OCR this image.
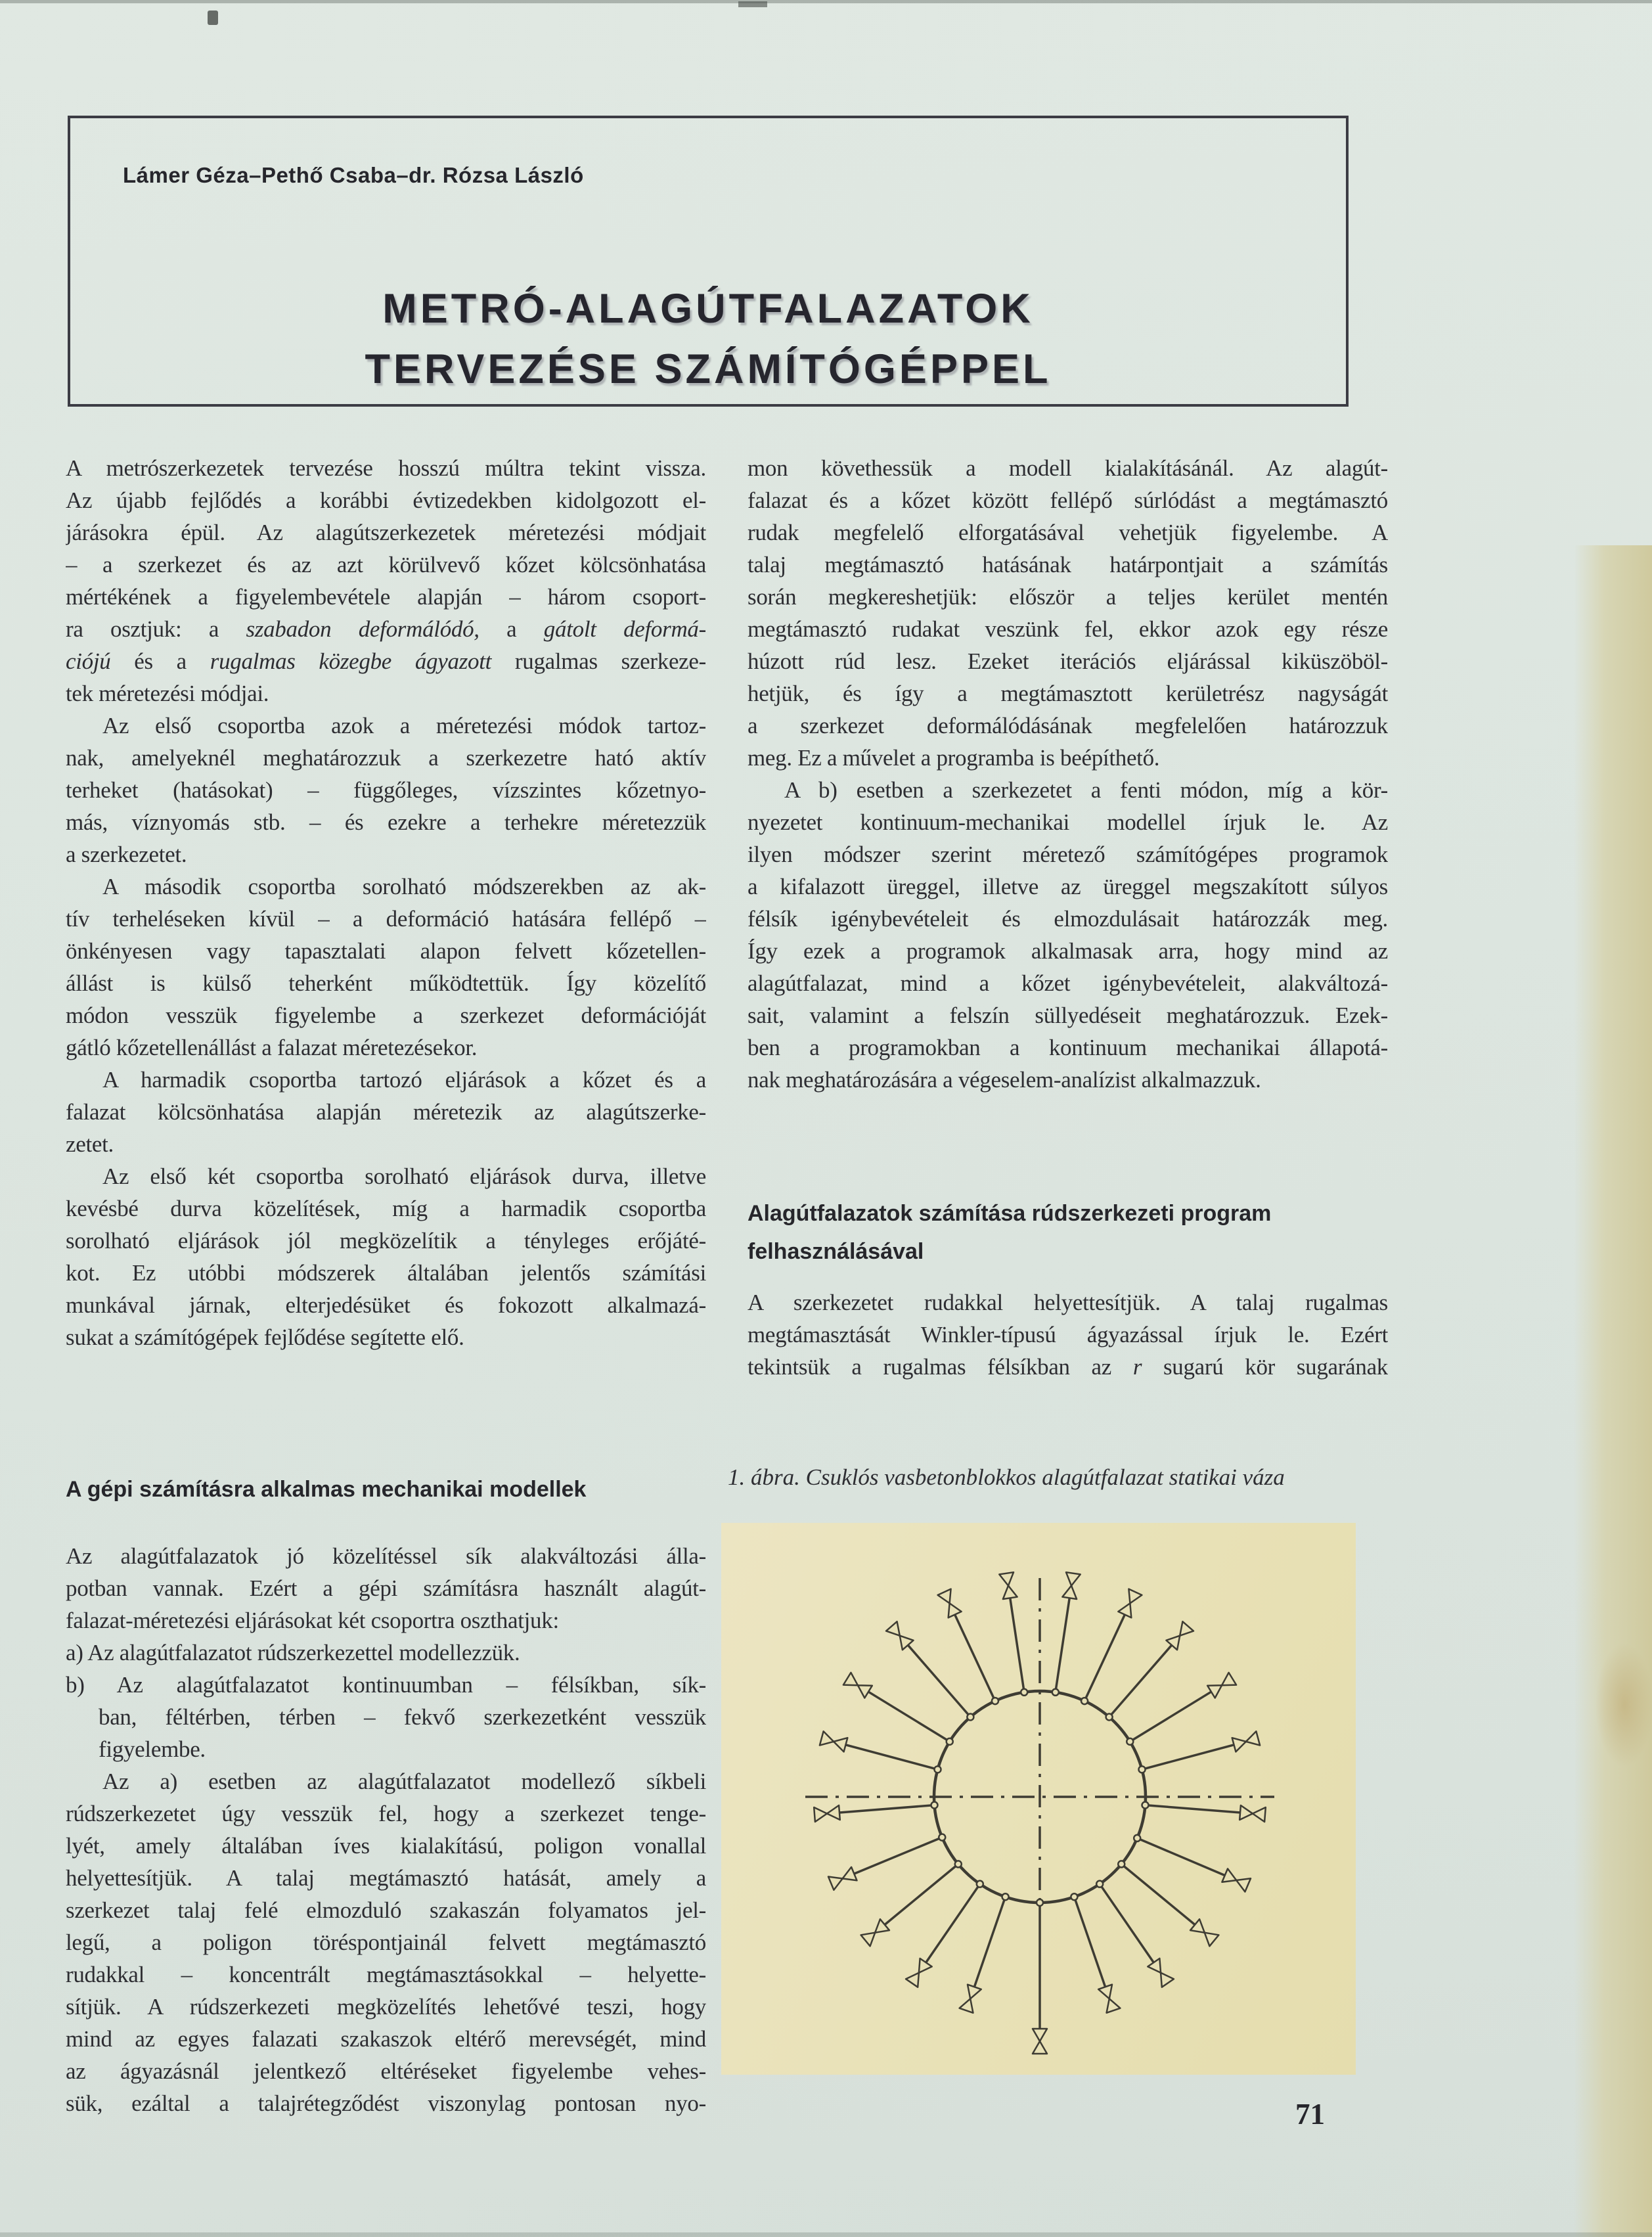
Lámer Géza–Pethő Csaba–dr. Rózsa László
METRÓ-ALAGÚTFALAZATOK
TERVEZÉSE SZÁMÍTÓGÉPPEL
A metrószerkezetek tervezése hosszú múltra tekint vissza.
Az újabb fejlődés a korábbi évtizedekben kidolgozott el-
járásokra épül. Az alagútszerkezetek méretezési módjait
– a szerkezet és az azt körülvevő kőzet kölcsönhatása
mértékének a figyelembevétele alapján – három csoport-
ra osztjuk: a szabadon deformálódó, a gátolt deformá-
ciójú és a rugalmas közegbe ágyazott rugalmas szerkeze-
tek méretezési módjai.
Az első csoportba azok a méretezési módok tartoz-
nak, amelyeknél meghatározzuk a szerkezetre ható aktív
terheket (hatásokat) – függőleges, vízszintes kőzetnyo-
más, víznyomás stb. – és ezekre a terhekre méretezzük
a szerkezetet.
A második csoportba sorolható módszerekben az ak-
tív terheléseken kívül – a deformáció hatására fellépő –
önkényesen vagy tapasztalati alapon felvett kőzetellen-
állást is külső teherként működtettük. Így közelítő
módon vesszük figyelembe a szerkezet deformációját
gátló kőzetellenállást a falazat méretezésekor.
A harmadik csoportba tartozó eljárások a kőzet és a
falazat kölcsönhatása alapján méretezik az alagútszerke-
zetet.
Az első két csoportba sorolható eljárások durva, illetve
kevésbé durva közelítések, míg a harmadik csoportba
sorolható eljárások jól megközelítik a tényleges erőjáté-
kot. Ez utóbbi módszerek általában jelentős számítási
munkával járnak, elterjedésüket és fokozott alkalmazá-
sukat a számítógépek fejlődése segítette elő.
A gépi számításra alkalmas mechanikai modellek
Az alagútfalazatok jó közelítéssel sík alakváltozási álla-
potban vannak. Ezért a gépi számításra használt alagút-
falazat-méretezési eljárásokat két csoportra oszthatjuk:
a) Az alagútfalazatot rúdszerkezettel modellezzük.
b) Az alagútfalazatot kontinuumban – félsíkban, sík-
ban, féltérben, térben – fekvő szerkezetként vesszük
figyelembe.
Az a) esetben az alagútfalazatot modellező síkbeli
rúdszerkezetet úgy vesszük fel, hogy a szerkezet tenge-
lyét, amely általában íves kialakítású, poligon vonallal
helyettesítjük. A talaj megtámasztó hatását, amely a
szerkezet talaj felé elmozduló szakaszán folyamatos jel-
legű, a poligon töréspontjainál felvett megtámasztó
rudakkal – koncentrált megtámasztásokkal – helyette-
sítjük. A rúdszerkezeti megközelítés lehetővé teszi, hogy
mind az egyes falazati szakaszok eltérő merevségét, mind
az ágyazásnál jelentkező eltéréseket figyelembe vehes-
sük, ezáltal a talajrétegződést viszonylag pontosan nyo-
mon követhessük a modell kialakításánál. Az alagút-
falazat és a kőzet között fellépő súrlódást a megtámasztó
rudak megfelelő elforgatásával vehetjük figyelembe. A
talaj megtámasztó hatásának határpontjait a számítás
során megkereshetjük: először a teljes kerület mentén
megtámasztó rudakat veszünk fel, ekkor azok egy része
húzott rúd lesz. Ezeket iterációs eljárással kiküszöböl-
hetjük, és így a megtámasztott kerületrész nagyságát
a szerkezet deformálódásának megfelelően határozzuk
meg. Ez a művelet a programba is beépíthető.
A b) esetben a szerkezetet a fenti módon, míg a kör-
nyezetet kontinuum-mechanikai modellel írjuk le. Az
ilyen módszer szerint méretező számítógépes programok
a kifalazott üreggel, illetve az üreggel megszakított súlyos
félsík igénybevételeit és elmozdulásait határozzák meg.
Így ezek a programok alkalmasak arra, hogy mind az
alagútfalazat, mind a kőzet igénybevételeit, alakváltozá-
sait, valamint a felszín süllyedéseit meghatározzuk. Ezek-
ben a programokban a kontinuum mechanikai állapotá-
nak meghatározására a végeselem-analízist alkalmazzuk.
Alagútfalazatok számítása rúdszerkezeti program
felhasználásával
A szerkezetet rudakkal helyettesítjük. A talaj rugalmas
megtámasztását Winkler-típusú ágyazással írjuk le. Ezért
tekintsük a rugalmas félsíkban az r sugarú kör sugarának
1. ábra. Csuklós vasbetonblokkos alagútfalazat statikai váza
71
